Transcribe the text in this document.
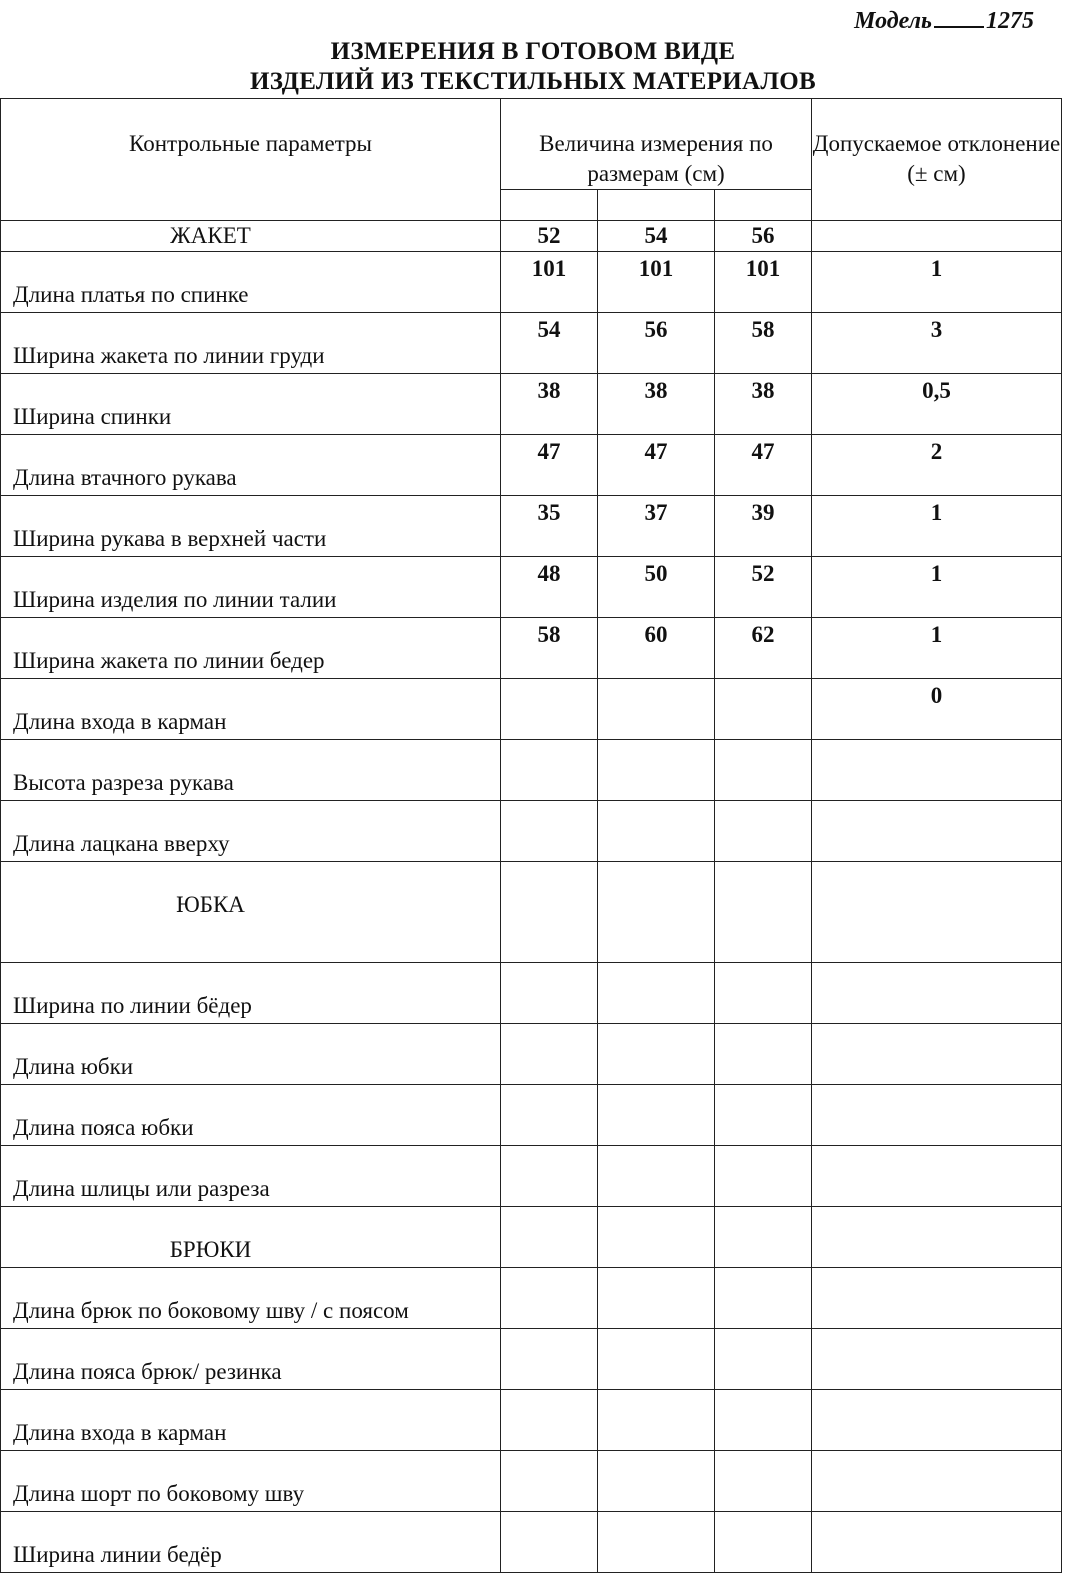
Модель 1275
ИЗМЕРЕНИЯ В ГОТОВОМ ВИДЕ
ИЗДЕЛИЙ ИЗ ТЕКСТИЛЬНЫХ МАТЕРИАЛОВ
Контрольные параметры	Величина измерения по размерам (см)			Допускаемое отклонение (± см)

ЖАКЕТ	52	54	56	
Длина платья по спинке	101	101	101	1
Ширина жакета по линии груди	54	56	58	3
Ширина спинки	38	38	38	0,5
Длина втачного рукава	47	47	47	2
Ширина рукава в верхней части	35	37	39	1
Ширина изделия по линии талии	48	50	52	1
Ширина жакета по линии бедер	58	60	62	1
Длина входа в карман				0
Высота разреза рукава				
Длина лацкана вверху				
ЮБКА				
Ширина по линии бёдер				
Длина юбки				
Длина пояса юбки				
Длина шлицы или разреза				
БРЮКИ				
Длина брюк по боковому шву / с поясом				
Длина пояса брюк/ резинка				
Длина входа в карман				
Длина шорт по боковому шву				
Ширина линии бедёр				
